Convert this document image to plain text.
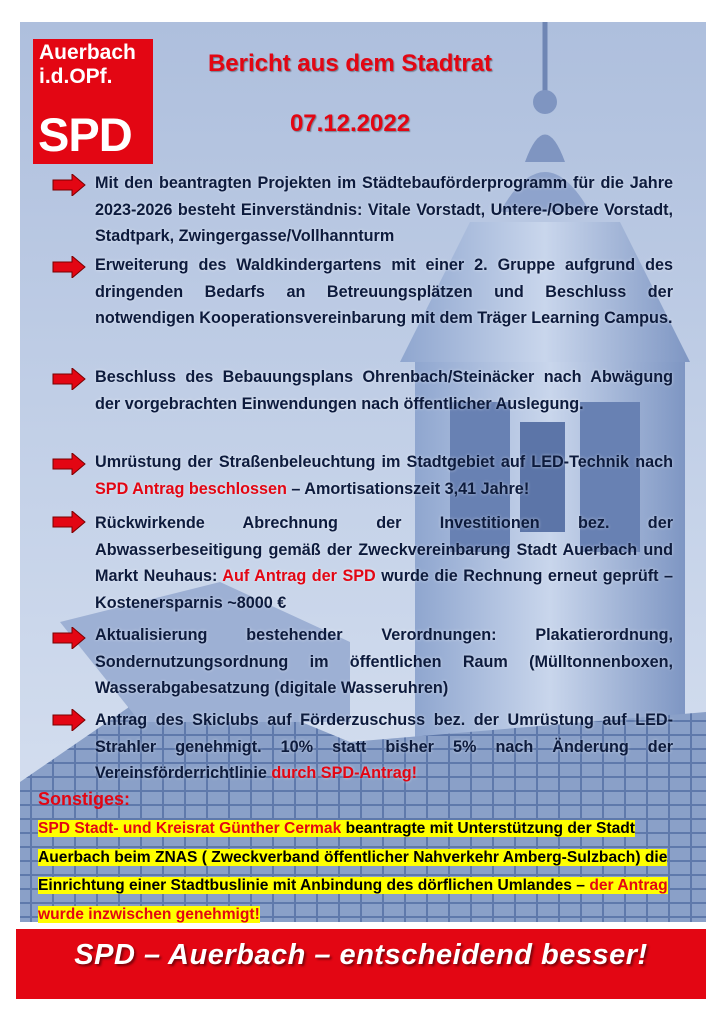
Auerbach
i.d.OPf.
SPD
Bericht aus dem Stadtrat
07.12.2022
Mit den beantragten Projekten im Städtebauförderprogramm für die Jahre 2023-2026 besteht Einverständnis: Vitale Vorstadt, Untere-/Obere Vorstadt, Stadtpark, Zwingergasse/Vollhannturm
Erweiterung des Waldkindergartens mit einer 2. Gruppe aufgrund des dringenden Bedarfs an Betreuungsplätzen und Beschluss der notwendigen Kooperationsvereinbarung mit dem Träger Learning Campus.
Beschluss des Bebauungsplans Ohrenbach/Steinäcker nach Abwägung der vorgebrachten Einwendungen nach öffentlicher Auslegung.
Umrüstung der Straßenbeleuchtung im Stadtgebiet auf LED-Technik nach SPD Antrag beschlossen – Amortisationszeit 3,41 Jahre!
Rückwirkende Abrechnung der Investitionen bez. der Abwasserbeseitigung gemäß der Zweckvereinbarung Stadt Auerbach und Markt Neuhaus: Auf Antrag der SPD wurde die Rechnung erneut geprüft – Kostenersparnis ~8000 €
Aktualisierung bestehender Verordnungen: Plakatierordnung, Sondernutzungsordnung im öffentlichen Raum (Mülltonnenboxen, Wasserabgabesatzung (digitale Wasseruhren)
Antrag des Skiclubs auf Förderzuschuss bez. der Umrüstung auf LED-Strahler genehmigt. 10% statt bisher 5% nach Änderung der Vereinsförderrichtlinie durch SPD-Antrag!
Sonstiges:
SPD Stadt- und Kreisrat Günther Cermak beantragte mit Unterstützung der Stadt Auerbach beim ZNAS ( Zweckverband öffentlicher Nahverkehr Amberg-Sulzbach) die Einrichtung einer Stadtbuslinie mit Anbindung des dörflichen Umlandes – der Antrag wurde inzwischen genehmigt!
SPD – Auerbach – entscheidend besser!
